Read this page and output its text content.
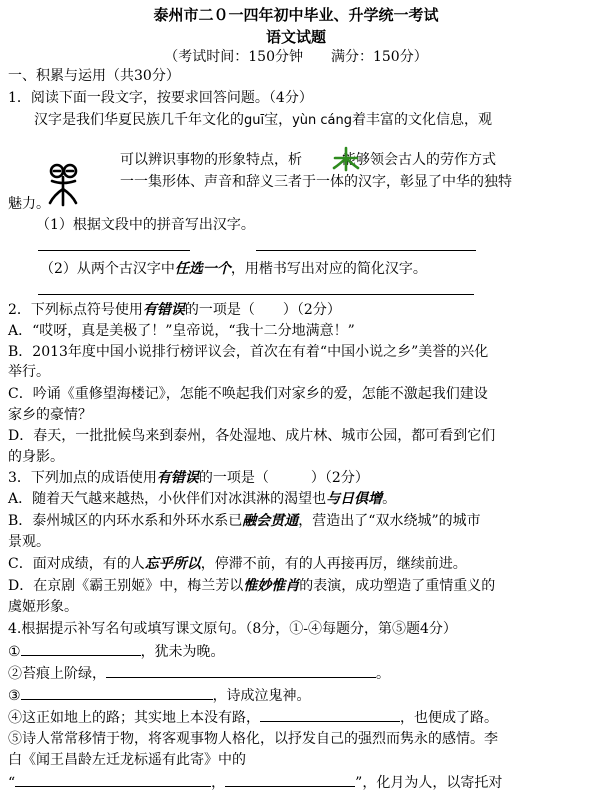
泰州市二０一四年初中毕业、升学统一考试
语文试题
（考试时间：150分钟　　满分：150分）
一、积累与运用（共30分）
1．阅读下面一段文字，按要求回答问题。（4分）
汉字是我们华夏民族几千年文化的guī宝，yùn cáng着丰富的文化信息，观
可以辨识事物的形象特点，析	能够领会古人的劳作方式
一一集形体、声音和辞义三者于一体的汉字，彰显了中华的独特
魅力。
（1）根据文段中的拼音写出汉字。
（2）从两个古汉字中任选一个，用楷书写出对应的简化汉字。
2．下列标点符号使用有错误的一项是（　　）（2分）
A．“哎呀，真是美极了！”皇帝说，“我十二分地满意！”
B．2013年度中国小说排行榜评议会，首次在有着“中国小说之乡”美誉的兴化
举行。
C．吟诵《重修望海楼记》，怎能不唤起我们对家乡的爱，怎能不激起我们建设
家乡的豪情？
D．春天，一批批候鸟来到泰州，各处湿地、成片林、城市公园，都可看到它们
的身影。
3．下列加点的成语使用有错误的一项是（　　　）（2分）
A．随着天气越来越热，小伙伴们对冰淇淋的渴望也与日俱增。
B．泰州城区的内环水系和外环水系已融会贯通，营造出了“双水绕城”的城市
景观。
C．面对成绩，有的人忘乎所以，停滞不前，有的人再接再厉，继续前进。
D．在京剧《霸王别姬》中，梅兰芳以惟妙惟肖的表演，成功塑造了重情重义的
虞姬形象。
4.根据提示补写名句或填写课文原句。（8分，①-④每题分，第⑤题4分）
①	，犹未为晚。
②苔痕上阶绿，	。
③	，诗成泣鬼神。
④这正如地上的路；其实地上本没有路，	，也便成了路。
⑤诗人常常移情于物，将客观事物人格化，以抒发自己的强烈而隽永的感情。李
白《闻王昌龄左迁龙标遥有此寄》中的
“	，	”，化月为人，以寄托对
